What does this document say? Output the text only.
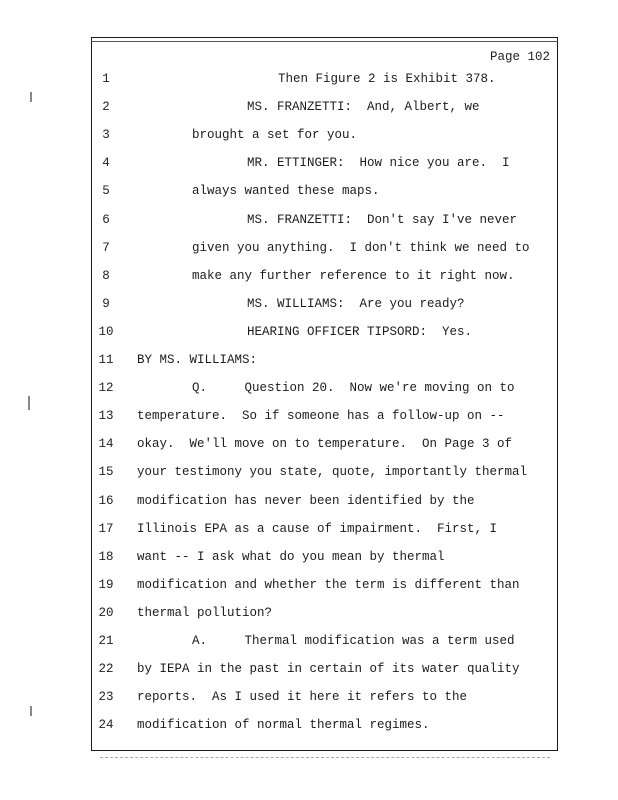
Page 102
1	Then Figure 2 is Exhibit 378.
2	MS. FRANZETTI:  And, Albert, we
3	brought a set for you.
4	MR. ETTINGER:  How nice you are.  I
5	always wanted these maps.
6	MS. FRANZETTI:  Don't say I've never
7	given you anything.  I don't think we need to
8	make any further reference to it right now.
9	MS. WILLIAMS:  Are you ready?
10	HEARING OFFICER TIPSORD:  Yes.
11 BY MS. WILLIAMS:
12	Q.     Question 20.  Now we're moving on to
13 temperature.  So if someone has a follow-up on --
14 okay.  We'll move on to temperature.  On Page 3 of
15 your testimony you state, quote, importantly thermal
16 modification has never been identified by the
17 Illinois EPA as a cause of impairment.  First, I
18 want -- I ask what do you mean by thermal
19 modification and whether the term is different than
20 thermal pollution?
21	A.     Thermal modification was a term used
22 by IEPA in the past in certain of its water quality
23 reports.  As I used it here it refers to the
24 modification of normal thermal regimes.
